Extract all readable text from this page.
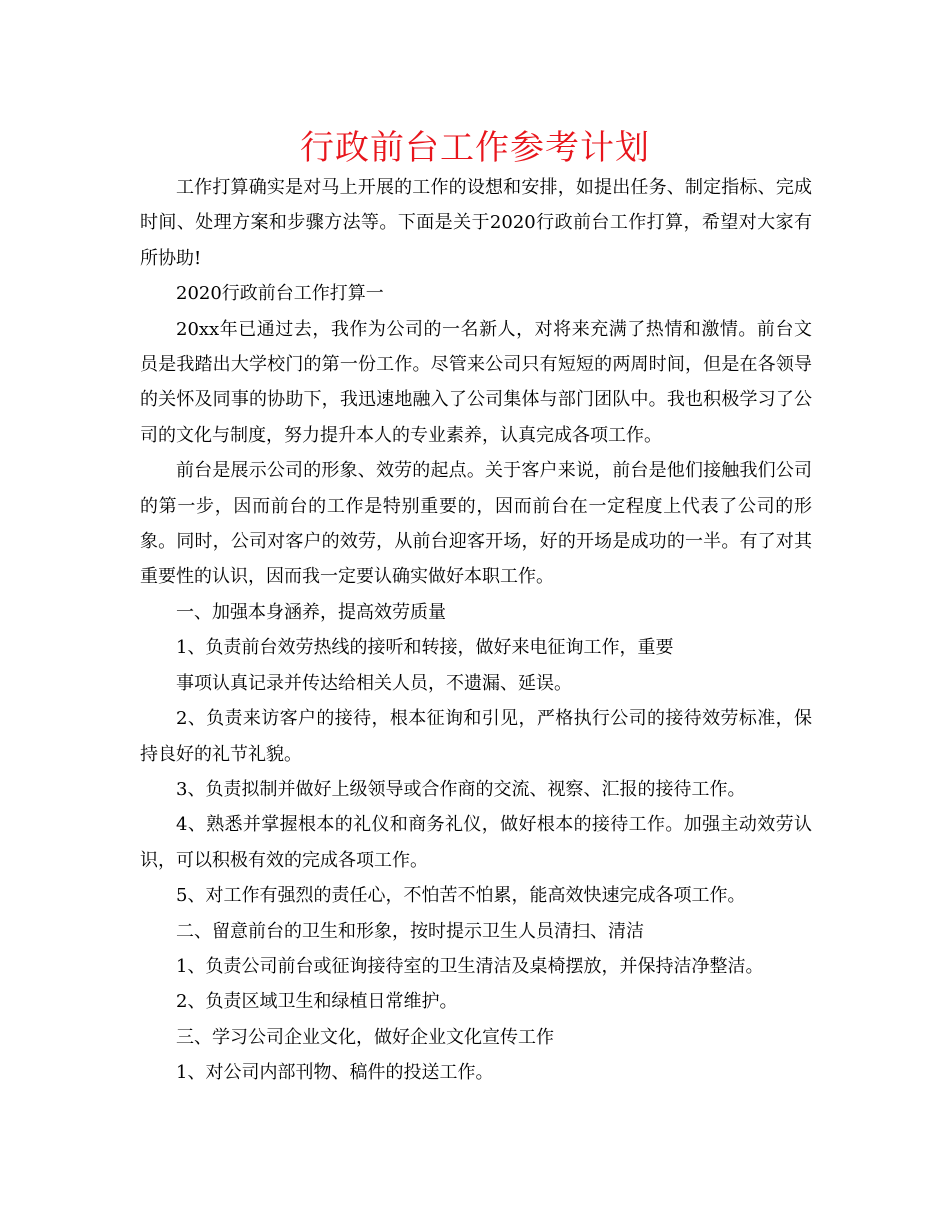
行政前台工作参考计划

工作打算确实是对马上开展的工作的设想和安排，如提出任务、制定指标、完成时间、处理方案和步骤方法等。下面是关于2020行政前台工作打算，希望对大家有所协助!

2020行政前台工作打算一

20xx年已通过去，我作为公司的一名新人，对将来充满了热情和激情。前台文员是我踏出大学校门的第一份工作。尽管来公司只有短短的两周时间，但是在各领导的关怀及同事的协助下，我迅速地融入了公司集体与部门团队中。我也积极学习了公司的文化与制度，努力提升本人的专业素养，认真完成各项工作。

前台是展示公司的形象、效劳的起点。关于客户来说，前台是他们接触我们公司的第一步，因而前台的工作是特别重要的，因而前台在一定程度上代表了公司的形象。同时，公司对客户的效劳，从前台迎客开场，好的开场是成功的一半。有了对其重要性的认识，因而我一定要认确实做好本职工作。

一、加强本身涵养，提高效劳质量

1、负责前台效劳热线的接听和转接，做好来电征询工作，重要

事项认真记录并传达给相关人员，不遗漏、延误。

2、负责来访客户的接待，根本征询和引见，严格执行公司的接待效劳标准，保持良好的礼节礼貌。

3、负责拟制并做好上级领导或合作商的交流、视察、汇报的接待工作。

4、熟悉并掌握根本的礼仪和商务礼仪，做好根本的接待工作。加强主动效劳认识，可以积极有效的完成各项工作。

5、对工作有强烈的责任心，不怕苦不怕累，能高效快速完成各项工作。

二、留意前台的卫生和形象，按时提示卫生人员清扫、清洁

1、负责公司前台或征询接待室的卫生清洁及桌椅摆放，并保持洁净整洁。

2、负责区域卫生和绿植日常维护。

三、学习公司企业文化，做好企业文化宣传工作

1、对公司内部刊物、稿件的投送工作。
